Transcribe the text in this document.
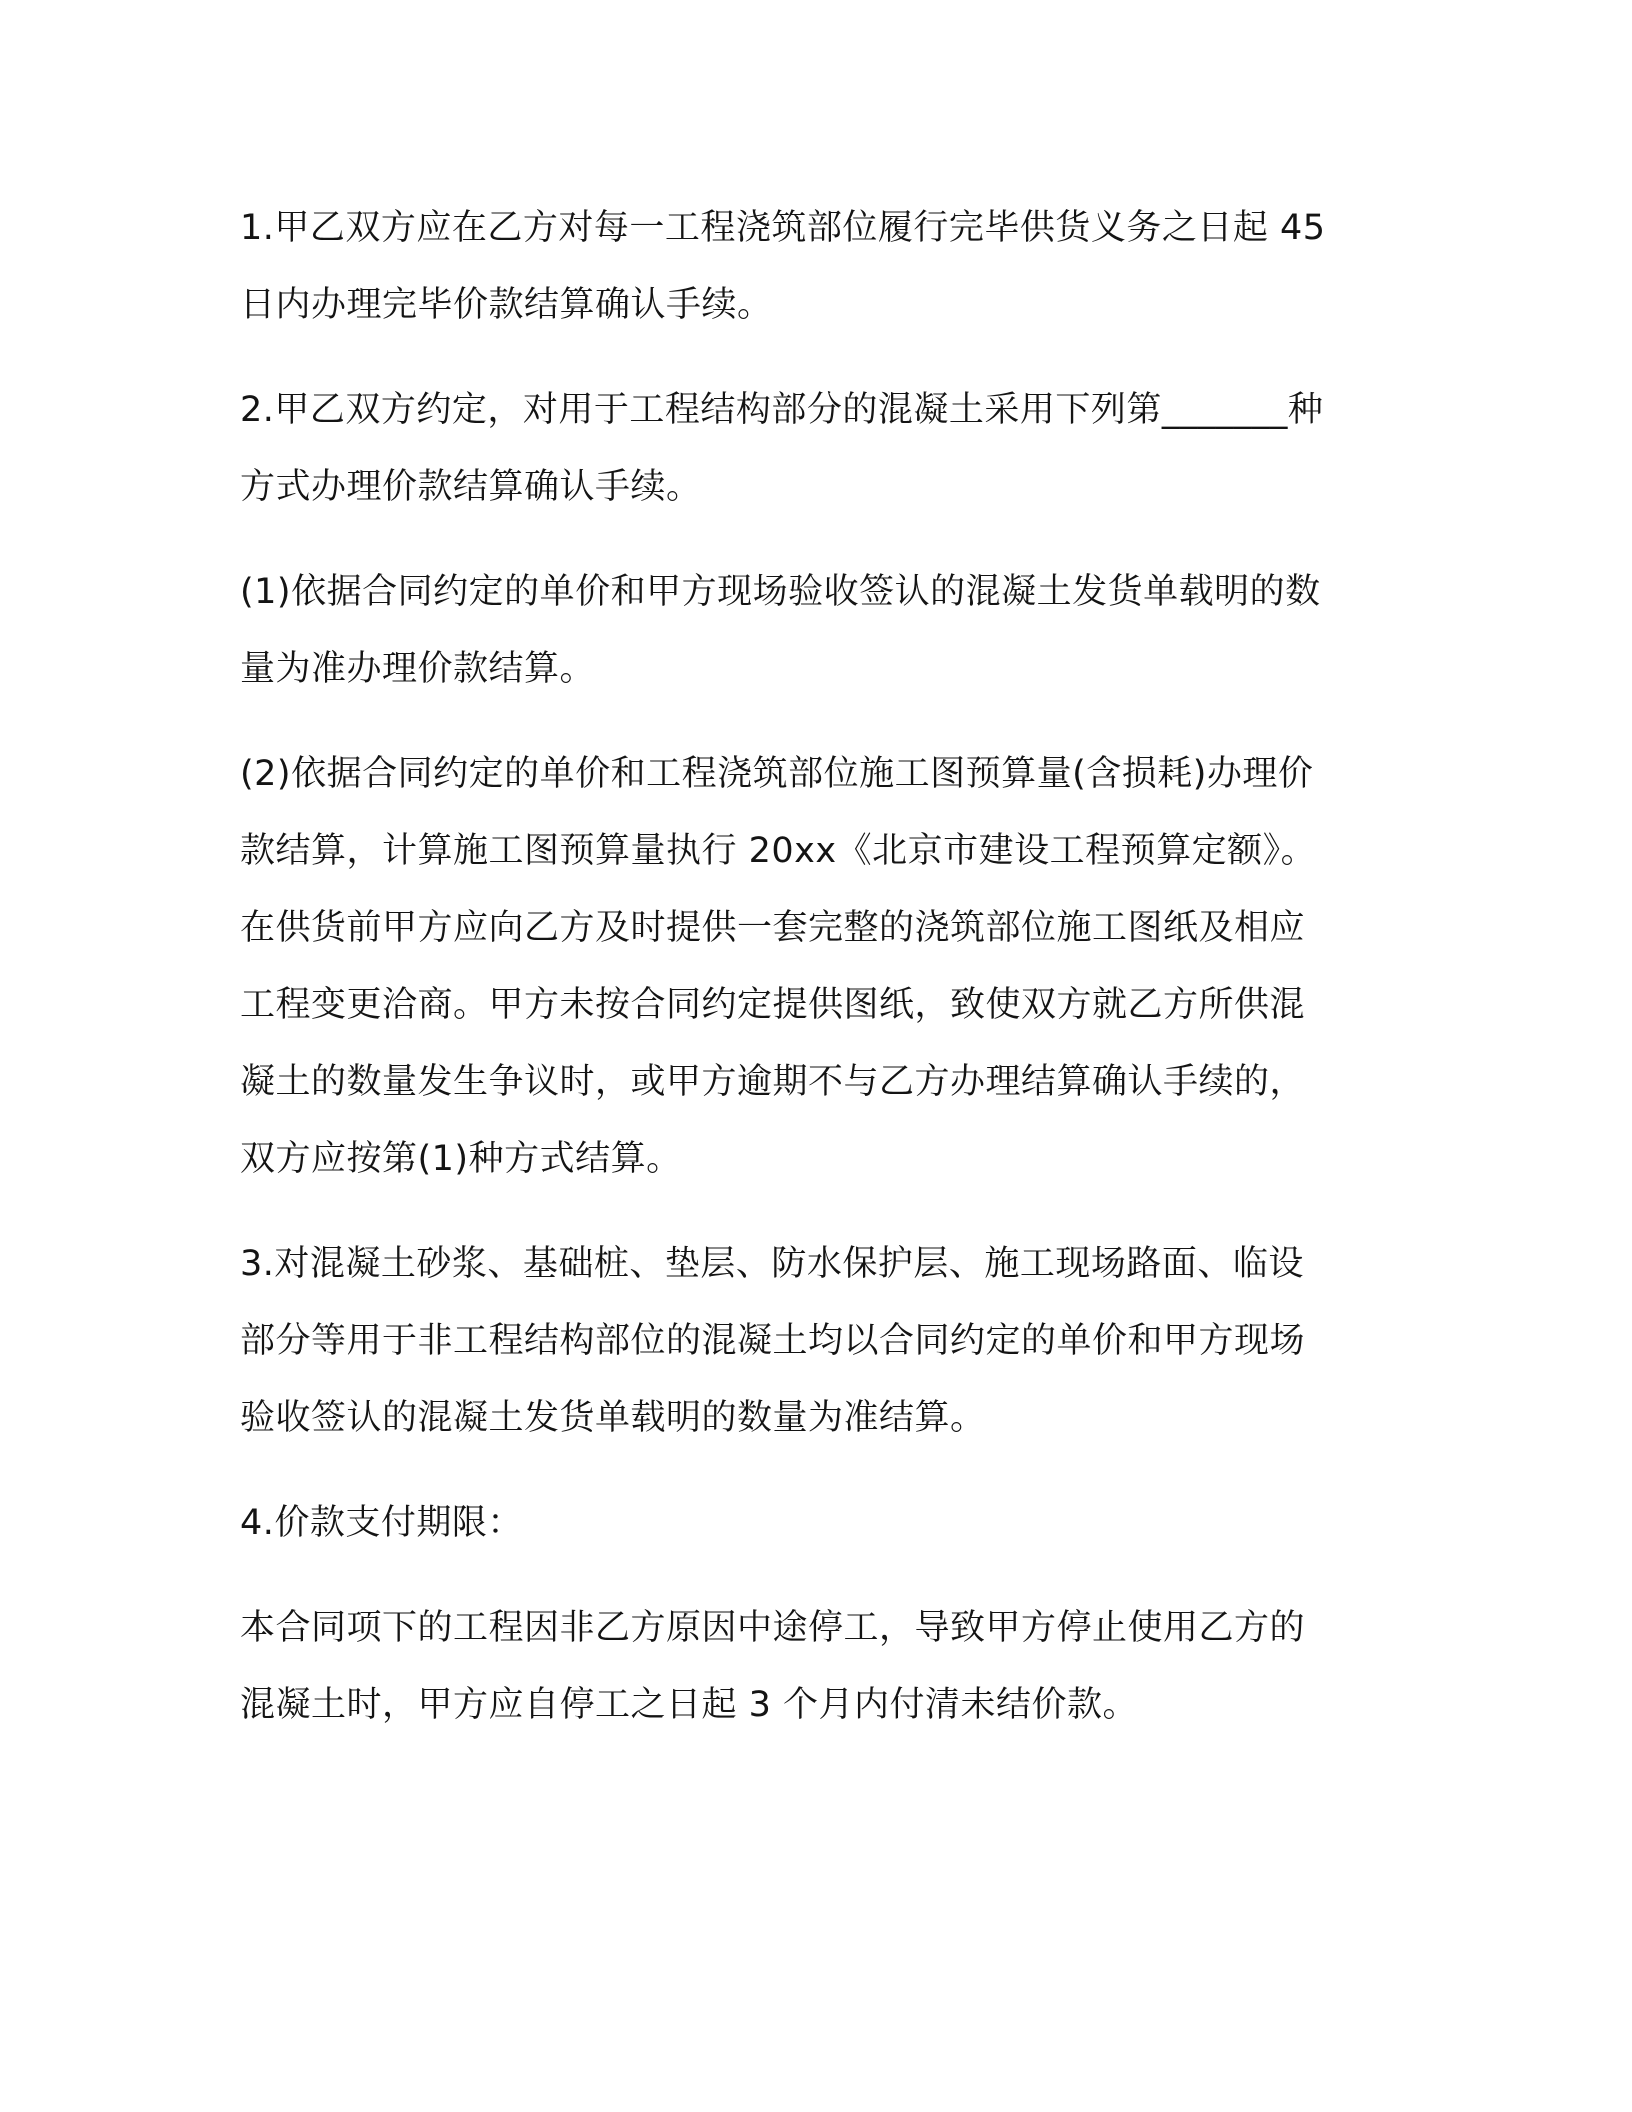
1.甲乙双方应在乙方对每一工程浇筑部位履行完毕供货义务之日起 45
日内办理完毕价款结算确认手续。

2.甲乙双方约定，对用于工程结构部分的混凝土采用下列第_______种
方式办理价款结算确认手续。

(1)依据合同约定的单价和甲方现场验收签认的混凝土发货单载明的数
量为准办理价款结算。

(2)依据合同约定的单价和工程浇筑部位施工图预算量(含损耗)办理价
款结算，计算施工图预算量执行 20xx《北京市建设工程预算定额》。
在供货前甲方应向乙方及时提供一套完整的浇筑部位施工图纸及相应
工程变更洽商。甲方未按合同约定提供图纸，致使双方就乙方所供混
凝土的数量发生争议时，或甲方逾期不与乙方办理结算确认手续的，
双方应按第(1)种方式结算。

3.对混凝土砂浆、基础桩、垫层、防水保护层、施工现场路面、临设
部分等用于非工程结构部位的混凝土均以合同约定的单价和甲方现场
验收签认的混凝土发货单载明的数量为准结算。

4.价款支付期限：

本合同项下的工程因非乙方原因中途停工，导致甲方停止使用乙方的
混凝土时，甲方应自停工之日起 3 个月内付清未结价款。
